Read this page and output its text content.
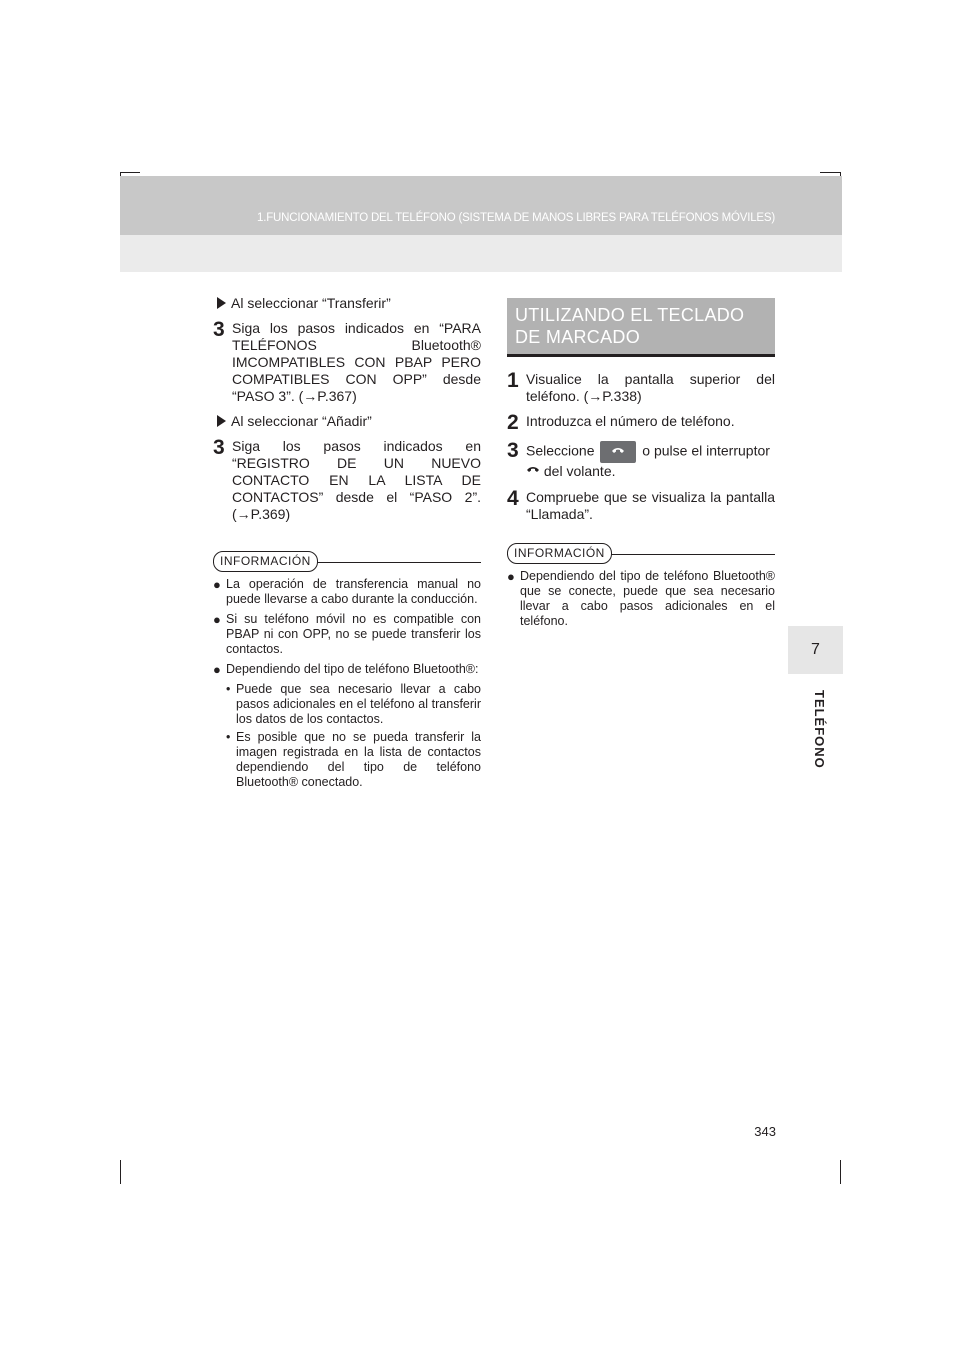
1.FUNCIONAMIENTO DEL TELÉFONO (SISTEMA DE MANOS LIBRES PARA TELÉFONOS MÓVILES)
7
TELÉFONO
Al seleccionar “Transferir”
3 Siga los pasos indicados en “PARA TELÉFONOS Bluetooth® IMCOMPATIBLES CON PBAP PERO COMPATIBLES CON OPP” desde “PASO 3”. (→P.367)
Al seleccionar “Añadir”
3 Siga los pasos indicados en “REGISTRO DE UN NUEVO CONTACTO EN LA LISTA DE CONTACTOS” desde el “PASO 2”. (→P.369)
INFORMACIÓN
● La operación de transferencia manual no puede llevarse a cabo durante la conducción.
● Si su teléfono móvil no es compatible con PBAP ni con OPP, no se puede transferir los contactos.
● Dependiendo del tipo de teléfono Bluetooth®:
• Puede que sea necesario llevar a cabo pasos adicionales en el teléfono al transferir los datos de los contactos.
• Es posible que no se pueda transferir la imagen registrada en la lista de contactos dependiendo del tipo de teléfono Bluetooth® conectado.
UTILIZANDO EL TECLADO DE MARCADO
1 Visualice la pantalla superior del teléfono. (→P.338)
2 Introduzca el número de teléfono.
3 Seleccione	o pulse el interruptor
del volante.
4 Compruebe que se visualiza la pantalla “Llamada”.
INFORMACIÓN
● Dependiendo del tipo de teléfono Bluetooth® que se conecte, puede que sea necesario llevar a cabo pasos adicionales en el teléfono.
343
